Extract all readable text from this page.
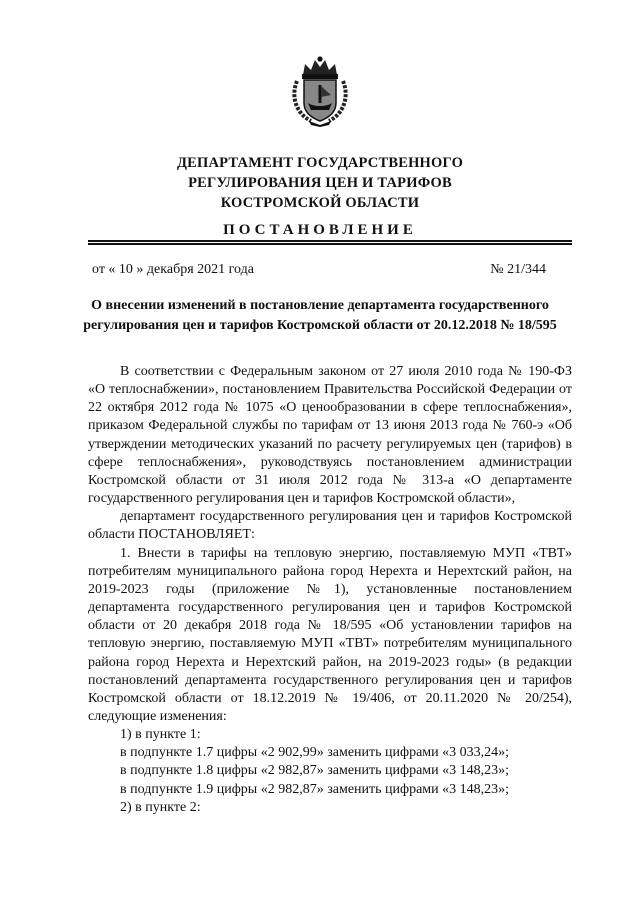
ДЕПАРТАМЕНТ ГОСУДАРСТВЕННОГО
РЕГУЛИРОВАНИЯ ЦЕН И ТАРИФОВ
КОСТРОМСКОЙ ОБЛАСТИ
ПОСТАНОВЛЕНИЕ
от « 10 » декабря 2021 года	№ 21/344
О внесении изменений в постановление департамента государственного
регулирования цен и тарифов Костромской области от 20.12.2018 № 18/595

В соответствии с Федеральным законом от 27 июля 2010 года № 190-ФЗ «О теплоснабжении», постановлением Правительства Российской Федерации от 22 октября 2012 года № 1075 «О ценообразовании в сфере теплоснабжения», приказом Федеральной службы по тарифам от 13 июня 2013 года № 760-э «Об утверждении методических указаний по расчету регулируемых цен (тарифов) в сфере теплоснабжения», руководствуясь постановлением администрации Костромской области от 31 июля 2012 года № 313-а «О департаменте государственного регулирования цен и тарифов Костромской области»,

департамент государственного регулирования цен и тарифов Костромской области ПОСТАНОВЛЯЕТ:

1. Внести в тарифы на тепловую энергию, поставляемую МУП «ТВТ» потребителям муниципального района город Нерехта и Нерехтский район, на 2019-2023 годы (приложение №1), установленные постановлением департамента государственного регулирования цен и тарифов Костромской области от 20 декабря 2018 года № 18/595 «Об установлении тарифов на тепловую энергию, поставляемую МУП «ТВТ» потребителям муниципального района город Нерехта и Нерехтский район, на 2019-2023 годы» (в редакции постановлений департамента государственного регулирования цен и тарифов Костромской области от 18.12.2019 № 19/406, от 20.11.2020 № 20/254), следующие изменения:

1) в пункте 1:

в подпункте 1.7 цифры «2 902,99» заменить цифрами «3 033,24»;

в подпункте 1.8 цифры «2 982,87» заменить цифрами «3 148,23»;

в подпункте 1.9 цифры «2 982,87» заменить цифрами «3 148,23»;

2) в пункте 2:
